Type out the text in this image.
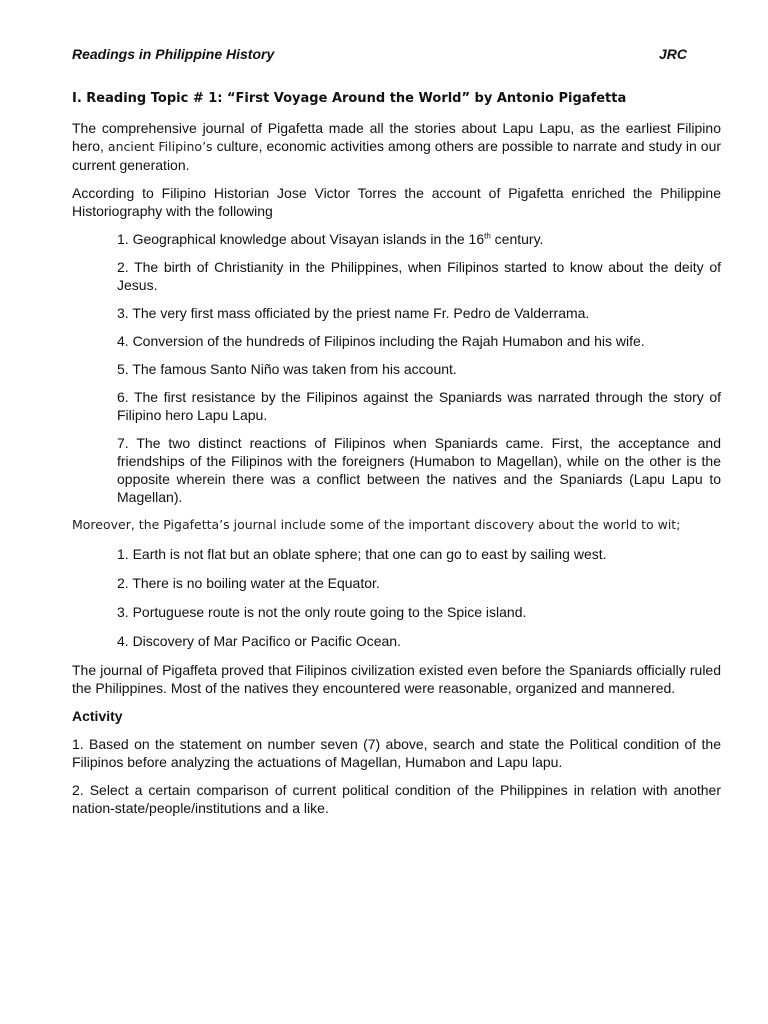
Readings in Philippine History	JRC
I. Reading Topic # 1: “First Voyage Around the World” by Antonio Pigafetta

The comprehensive journal of Pigafetta made all the stories about Lapu Lapu, as the earliest Filipino hero, ancient Filipino’s culture, economic activities among others are possible to narrate and study in our current generation.

According to Filipino Historian Jose Victor Torres the account of Pigafetta enriched the Philippine Historiography with the following

1. Geographical knowledge about Visayan islands in the 16th century.
2. The birth of Christianity in the Philippines, when Filipinos started to know about the deity of Jesus.
3. The very first mass officiated by the priest name Fr. Pedro de Valderrama.
4. Conversion of the hundreds of Filipinos including the Rajah Humabon and his wife.
5. The famous Santo Niño was taken from his account.
6. The first resistance by the Filipinos against the Spaniards was narrated through the story of Filipino hero Lapu Lapu.
7. The two distinct reactions of Filipinos when Spaniards came. First, the acceptance and friendships of the Filipinos with the foreigners (Humabon to Magellan), while on the other is the opposite wherein there was a conflict between the natives and the Spaniards (Lapu Lapu to Magellan).

Moreover, the Pigafetta’s journal include some of the important discovery about the world to wit;

1. Earth is not flat but an oblate sphere; that one can go to east by sailing west.
2. There is no boiling water at the Equator.
3. Portuguese route is not the only route going to the Spice island.
4. Discovery of Mar Pacifico or Pacific Ocean.

The journal of Pigaffeta proved that Filipinos civilization existed even before the Spaniards officially ruled the Philippines. Most of the natives they encountered were reasonable, organized and mannered.

Activity

1. Based on the statement on number seven (7) above, search and state the Political condition of the Filipinos before analyzing the actuations of Magellan, Humabon and Lapu lapu.

2. Select a certain comparison of current political condition of the Philippines in relation with another nation-state/people/institutions and a like.
